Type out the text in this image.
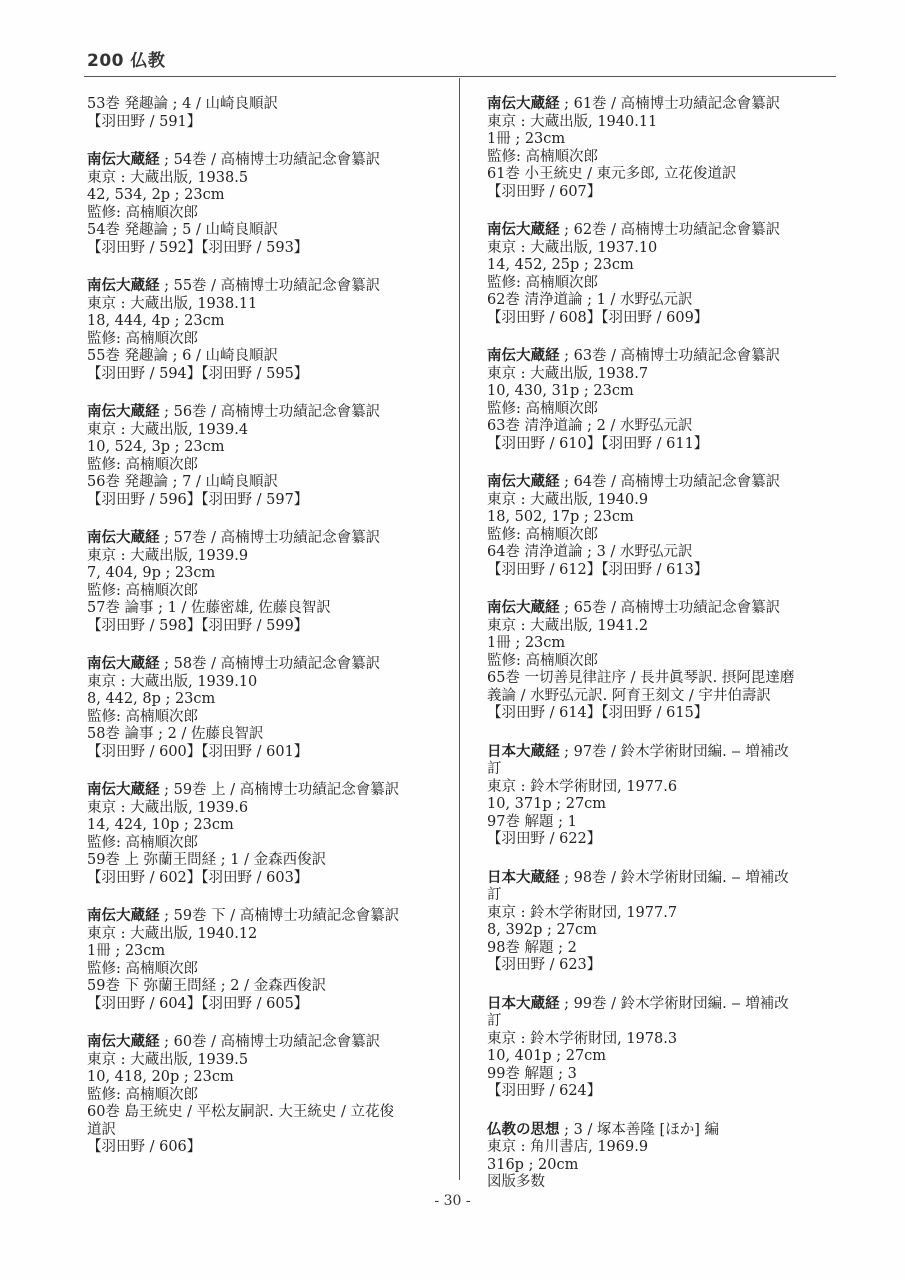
200 仏教
53巻 発趣論 ; 4 / 山崎良順訳
【羽田野 / 591】
南伝大蔵経 ; 54巻 / 高楠博士功績記念會纂訳
東京 : 大蔵出版, 1938.5
42, 534, 2p ; 23cm
監修: 高楠順次郎
54巻 発趣論 ; 5 / 山崎良順訳
【羽田野 / 592】【羽田野 / 593】
南伝大蔵経 ; 55巻 / 高楠博士功績記念會纂訳
東京 : 大蔵出版, 1938.11
18, 444, 4p ; 23cm
監修: 高楠順次郎
55巻 発趣論 ; 6 / 山崎良順訳
【羽田野 / 594】【羽田野 / 595】
南伝大蔵経 ; 56巻 / 高楠博士功績記念會纂訳
東京 : 大蔵出版, 1939.4
10, 524, 3p ; 23cm
監修: 高楠順次郎
56巻 発趣論 ; 7 / 山崎良順訳
【羽田野 / 596】【羽田野 / 597】
南伝大蔵経 ; 57巻 / 高楠博士功績記念會纂訳
東京 : 大蔵出版, 1939.9
7, 404, 9p ; 23cm
監修: 高楠順次郎
57巻 論事 ; 1 / 佐藤密雄, 佐藤良智訳
【羽田野 / 598】【羽田野 / 599】
南伝大蔵経 ; 58巻 / 高楠博士功績記念會纂訳
東京 : 大蔵出版, 1939.10
8, 442, 8p ; 23cm
監修: 高楠順次郎
58巻 論事 ; 2 / 佐藤良智訳
【羽田野 / 600】【羽田野 / 601】
南伝大蔵経 ; 59巻 上 / 高楠博士功績記念會纂訳
東京 : 大蔵出版, 1939.6
14, 424, 10p ; 23cm
監修: 高楠順次郎
59巻 上 弥蘭王問経 ; 1 / 金森西俊訳
【羽田野 / 602】【羽田野 / 603】
南伝大蔵経 ; 59巻 下 / 高楠博士功績記念會纂訳
東京 : 大蔵出版, 1940.12
1冊 ; 23cm
監修: 高楠順次郎
59巻 下 弥蘭王問経 ; 2 / 金森西俊訳
【羽田野 / 604】【羽田野 / 605】
南伝大蔵経 ; 60巻 / 高楠博士功績記念會纂訳
東京 : 大蔵出版, 1939.5
10, 418, 20p ; 23cm
監修: 高楠順次郎
60巻 島王統史 / 平松友嗣訳. 大王統史 / 立花俊
道訳
【羽田野 / 606】
南伝大蔵経 ; 61巻 / 高楠博士功績記念會纂訳
東京 : 大蔵出版, 1940.11
1冊 ; 23cm
監修: 高楠順次郎
61巻 小王統史 / 東元多郎, 立花俊道訳
【羽田野 / 607】
南伝大蔵経 ; 62巻 / 高楠博士功績記念會纂訳
東京 : 大蔵出版, 1937.10
14, 452, 25p ; 23cm
監修: 高楠順次郎
62巻 清浄道論 ; 1 / 水野弘元訳
【羽田野 / 608】【羽田野 / 609】
南伝大蔵経 ; 63巻 / 高楠博士功績記念會纂訳
東京 : 大蔵出版, 1938.7
10, 430, 31p ; 23cm
監修: 高楠順次郎
63巻 清浄道論 ; 2 / 水野弘元訳
【羽田野 / 610】【羽田野 / 611】
南伝大蔵経 ; 64巻 / 高楠博士功績記念會纂訳
東京 : 大蔵出版, 1940.9
18, 502, 17p ; 23cm
監修: 高楠順次郎
64巻 清浄道論 ; 3 / 水野弘元訳
【羽田野 / 612】【羽田野 / 613】
南伝大蔵経 ; 65巻 / 高楠博士功績記念會纂訳
東京 : 大蔵出版, 1941.2
1冊 ; 23cm
監修: 高楠順次郎
65巻 一切善見律註序 / 長井眞琴訳. 摂阿毘達磨
義論 / 水野弘元訳. 阿育王刻文 / 宇井伯壽訳
【羽田野 / 614】【羽田野 / 615】
日本大蔵経 ; 97巻 / 鈴木学術財団編. ‒ 増補改
訂
東京 : 鈴木学術財団, 1977.6
10, 371p ; 27cm
97巻 解題 ; 1
【羽田野 / 622】
日本大蔵経 ; 98巻 / 鈴木学術財団編. ‒ 増補改
訂
東京 : 鈴木学術財団, 1977.7
8, 392p ; 27cm
98巻 解題 ; 2
【羽田野 / 623】
日本大蔵経 ; 99巻 / 鈴木学術財団編. ‒ 増補改
訂
東京 : 鈴木学術財団, 1978.3
10, 401p ; 27cm
99巻 解題 ; 3
【羽田野 / 624】
仏教の思想 ; 3 / 塚本善隆 [ほか] 編
東京 : 角川書店, 1969.9
316p ; 20cm
図版多数
- 30 -
